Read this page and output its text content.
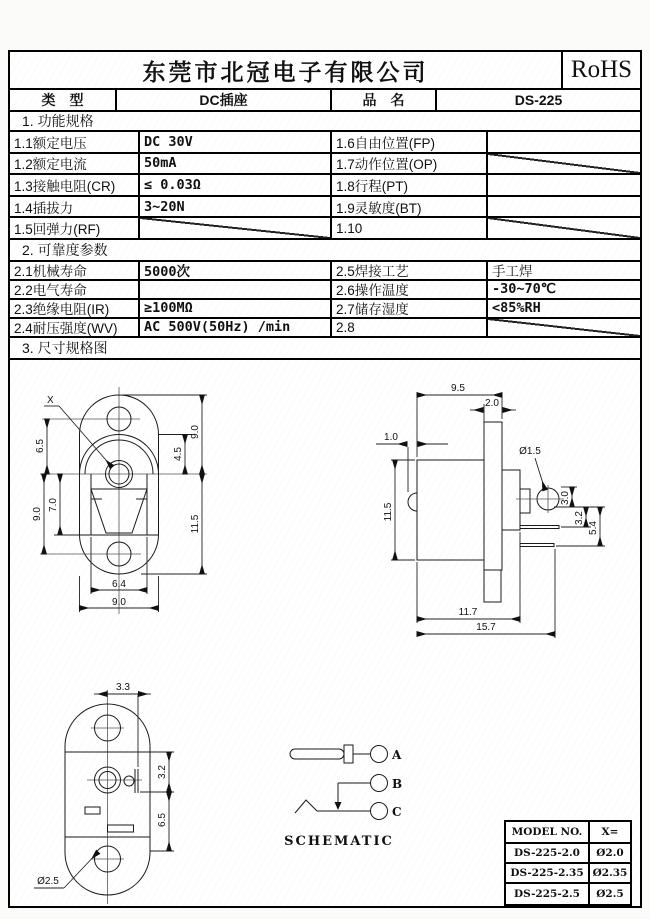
东莞市北冠电子有限公司	RoHS
类　型	DC插座	品　名	DS-225
1. 功能规格
1.1额定电压	DC 30V	1.6自由位置(FP)
1.2额定电流	50mA	1.7动作位置(OP)
1.3接触电阻(CR)	≤ 0.03Ω	1.8行程(PT)
1.4插拔力	3~20N	1.9灵敏度(BT)
1.5回弹力(RF)	1.10
2. 可靠度参数
2.1机械寿命	5000次	2.5焊接工艺	手工焊
2.2电气寿命	2.6操作温度	-30~70℃
2.3绝缘电阻(IR)	≥100MΩ	2.7储存湿度	<85%RH
2.4耐压强度(WV)	AC 500V(50Hz) /min	2.8
3. 尺寸规格图
X
6.5
9.0
7.0
4.5
9.0
11.5
6.4
9.0
9.5
2.0
1.0
11.5
Ø1.5
3.0
3.2
5.4
11.7
15.7
3.3
3.2
6.5
Ø2.5
A
B
C
SCHEMATIC
MODEL NO.	X=
DS-225-2.0	Ø2.0
DS-225-2.35 Ø2.35
DS-225-2.5	Ø2.5
